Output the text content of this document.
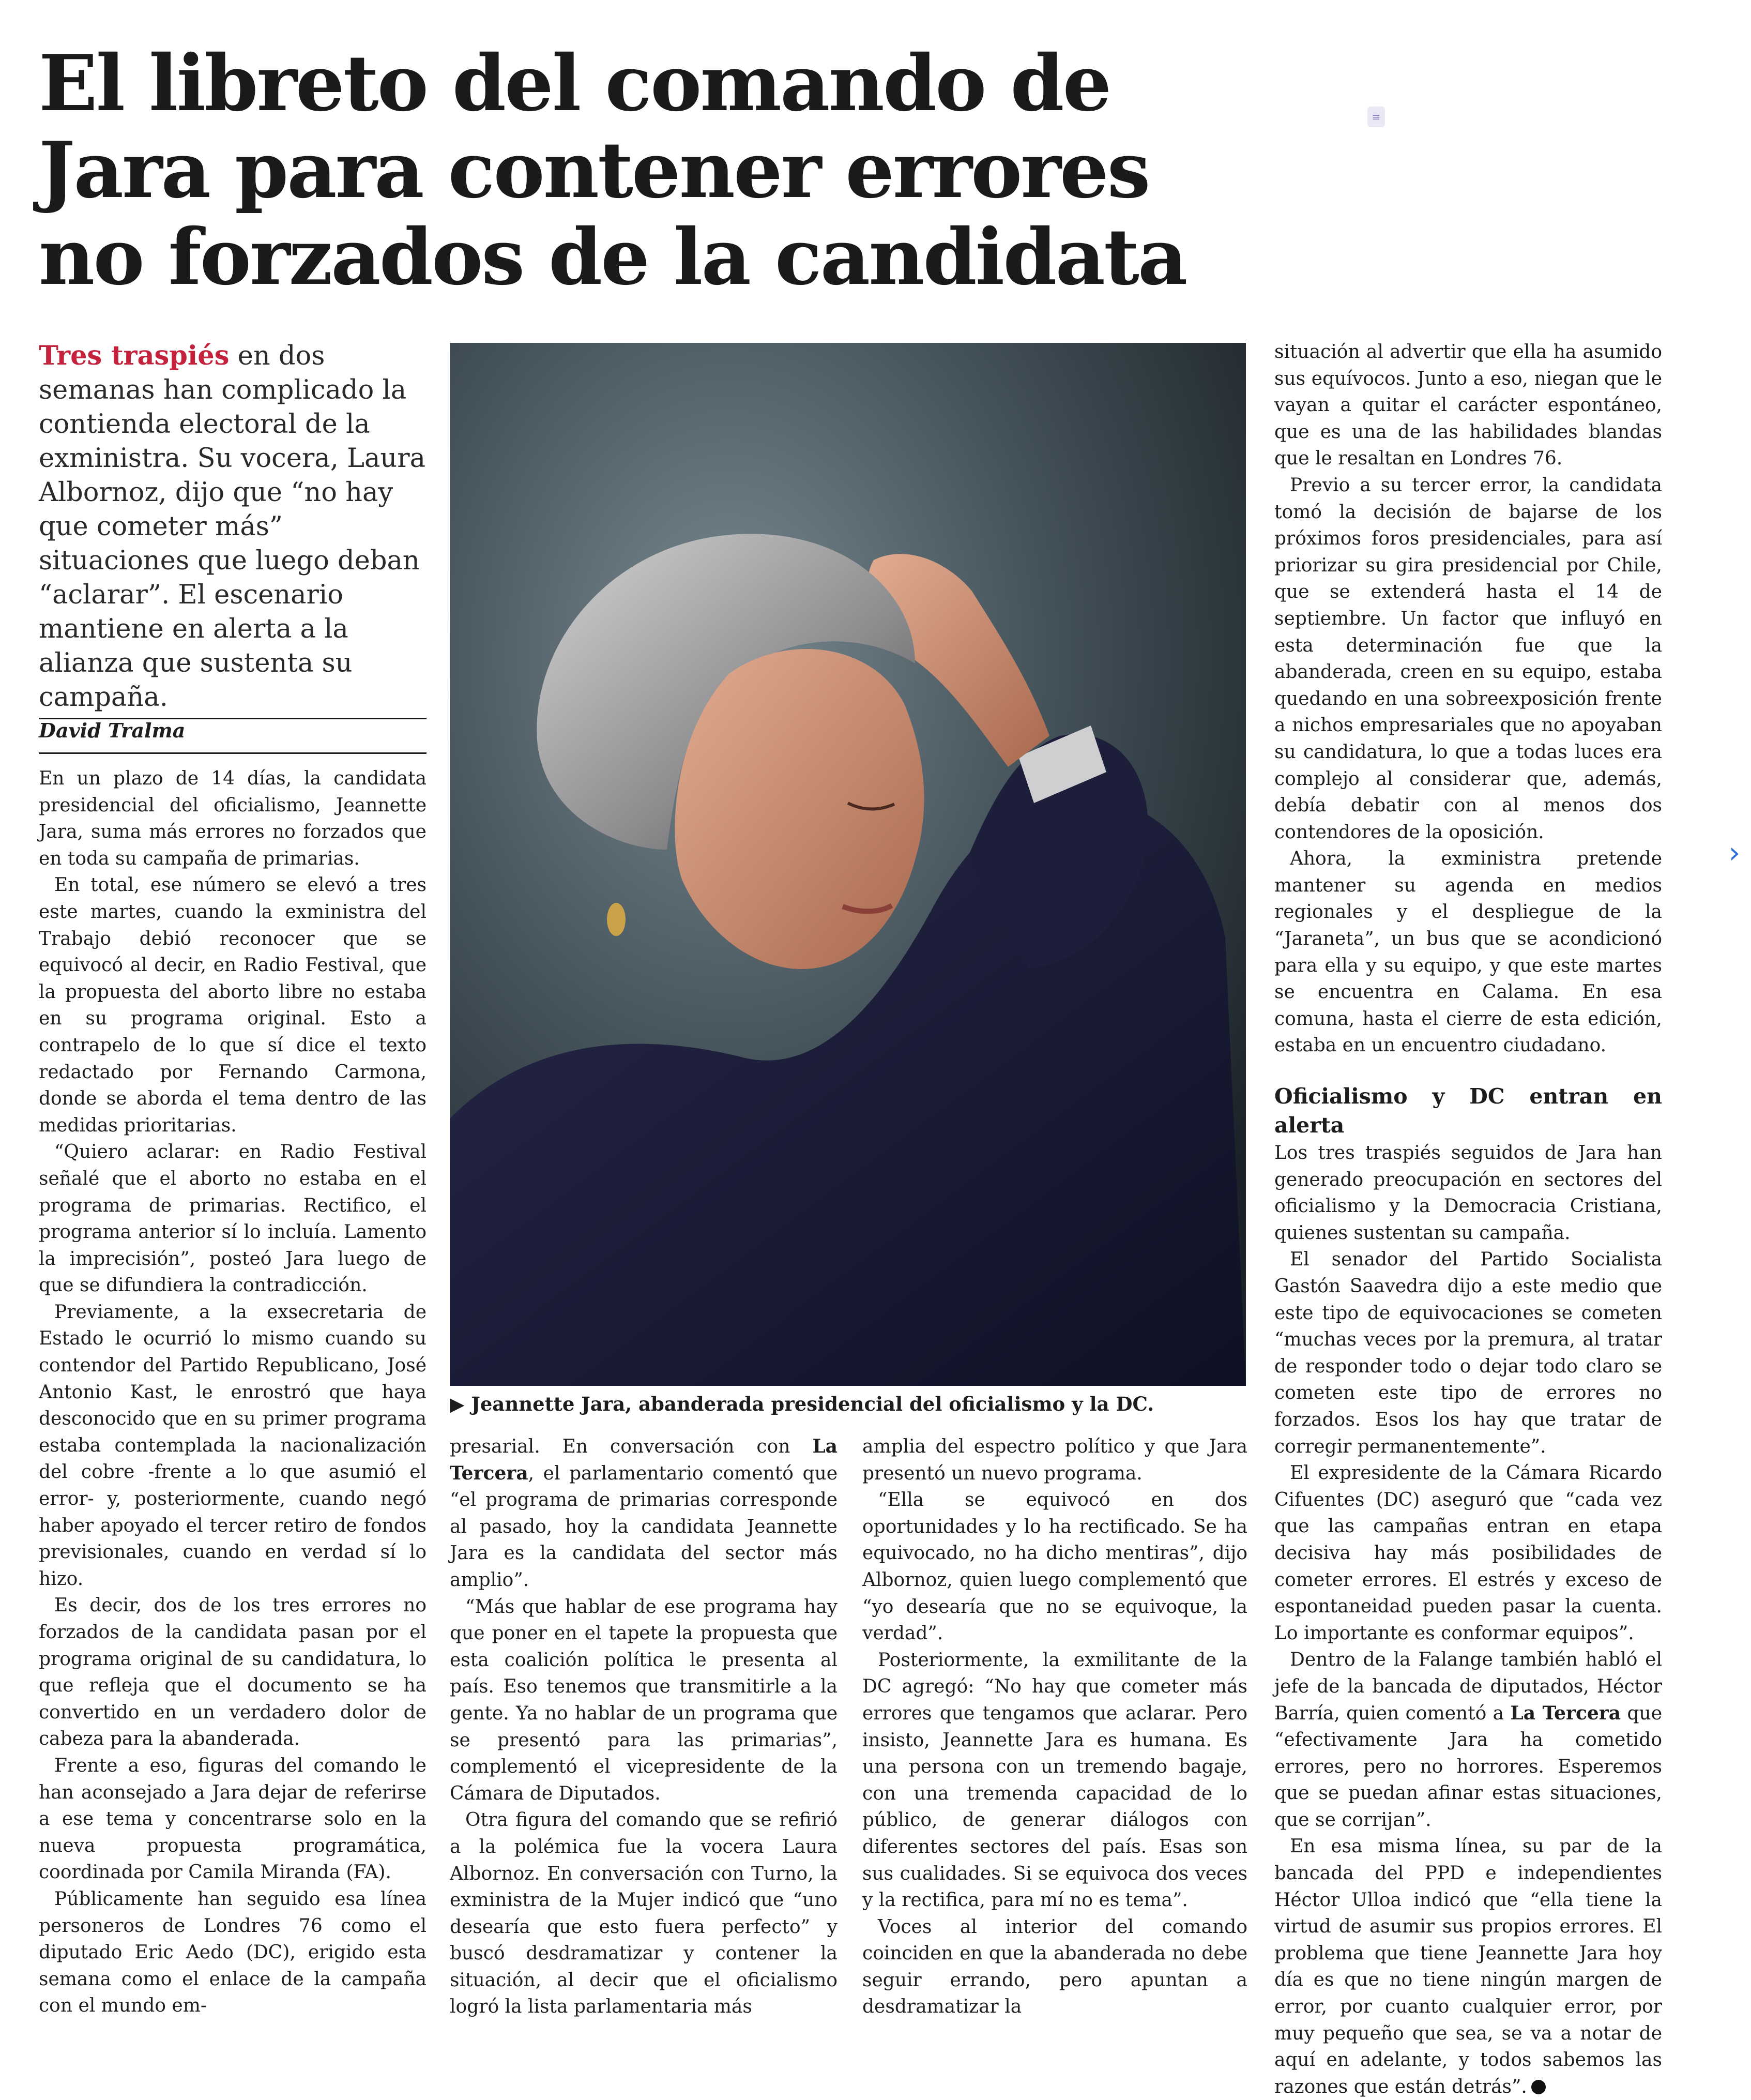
El libreto del comando de
Jara para contener errores
no forzados de la candidata
≡
›
Tres traspiés en dos semanas han complicado la contienda electoral de la exministra. Su vocera, Laura Albornoz, dijo que “no hay que cometer más” situaciones que luego deban “aclarar”. El escenario mantiene en alerta a la alianza que sustenta su campaña.
David Tralma

En un plazo de 14 días, la candidata presidencial del oficialismo, Jeannette Jara, suma más errores no forzados que en toda su campaña de primarias.

En total, ese número se elevó a tres este martes, cuando la exministra del Trabajo debió reconocer que se equivocó al decir, en Radio Festival, que la propuesta del aborto libre no estaba en su programa original. Esto a contrapelo de lo que sí dice el texto redactado por Fernando Carmona, donde se aborda el tema dentro de las medidas prioritarias.

“Quiero aclarar: en Radio Festival señalé que el aborto no estaba en el programa de primarias. Rectifico, el programa anterior sí lo incluía. Lamento la imprecisión”, posteó Jara luego de que se difundiera la contradicción.

Previamente, a la exsecretaria de Estado le ocurrió lo mismo cuando su contendor del Partido Republicano, José Antonio Kast, le enrostró que haya desconocido que en su primer programa estaba contemplada la nacionalización del cobre -frente a lo que asumió el error- y, posteriormente, cuando negó haber apoyado el tercer retiro de fondos previsionales, cuando en verdad sí lo hizo.

Es decir, dos de los tres errores no forzados de la candidata pasan por el programa original de su candidatura, lo que refleja que el documento se ha convertido en un verdadero dolor de cabeza para la abanderada.

Frente a eso, figuras del comando le han aconsejado a Jara dejar de referirse a ese tema y concentrarse solo en la nueva propuesta programática, coordinada por Camila Miranda (FA).

Públicamente han seguido esa línea personeros de Londres 76 como el diputado Eric Aedo (DC), erigido esta semana como el enlace de la campaña con el mundo em-

▶ Jeannette Jara, abanderada presidencial del oficialismo y la DC.

presarial. En conversación con La Tercera, el parlamentario comentó que “el programa de primarias corresponde al pasado, hoy la candidata Jeannette Jara es la candidata del sector más amplio”.

“Más que hablar de ese programa hay que poner en el tapete la propuesta que esta coalición política le presenta al país. Eso tenemos que transmitirle a la gente. Ya no hablar de un programa que se presentó para las primarias”, complementó el vicepresidente de la Cámara de Diputados.

Otra figura del comando que se refirió a la polémica fue la vocera Laura Albornoz. En conversación con Turno, la exministra de la Mujer indicó que “uno desearía que esto fuera perfecto” y buscó desdramatizar y contener la situación, al decir que el oficialismo logró la lista parlamentaria más

amplia del espectro político y que Jara presentó un nuevo programa.

“Ella se equivocó en dos oportunidades y lo ha rectificado. Se ha equivocado, no ha dicho mentiras”, dijo Albornoz, quien luego complementó que “yo desearía que no se equivoque, la verdad”.

Posteriormente, la exmilitante de la DC agregó: “No hay que cometer más errores que tengamos que aclarar. Pero insisto, Jeannette Jara es humana. Es una persona con un tremendo bagaje, con una tremenda capacidad de lo público, de generar diálogos con diferentes sectores del país. Esas son sus cualidades. Si se equivoca dos veces y la rectifica, para mí no es tema”.

Voces al interior del comando coinciden en que la abanderada no debe seguir errando, pero apuntan a desdramatizar la

situación al advertir que ella ha asumido sus equívocos. Junto a eso, niegan que le vayan a quitar el carácter espontáneo, que es una de las habilidades blandas que le resaltan en Londres 76.

Previo a su tercer error, la candidata tomó la decisión de bajarse de los próximos foros presidenciales, para así priorizar su gira presidencial por Chile, que se extenderá hasta el 14 de septiembre. Un factor que influyó en esta determinación fue que la abanderada, creen en su equipo, estaba quedando en una sobreexposición frente a nichos empresariales que no apoyaban su candidatura, lo que a todas luces era complejo al considerar que, además, debía debatir con al menos dos contendores de la oposición.

Ahora, la exministra pretende mantener su agenda en medios regionales y el despliegue de la “Jaraneta”, un bus que se acondicionó para ella y su equipo, y que este martes se encuentra en Calama. En esa comuna, hasta el cierre de esta edición, estaba en un encuentro ciudadano.

Oficialismo y DC entran en alerta

Los tres traspiés seguidos de Jara han generado preocupación en sectores del oficialismo y la Democracia Cristiana, quienes sustentan su campaña.

El senador del Partido Socialista Gastón Saavedra dijo a este medio que este tipo de equivocaciones se cometen “muchas veces por la premura, al tratar de responder todo o dejar todo claro se cometen este tipo de errores no forzados. Esos los hay que tratar de corregir permanentemente”.

El expresidente de la Cámara Ricardo Cifuentes (DC) aseguró que “cada vez que las campañas entran en etapa decisiva hay más posibilidades de cometer errores. El estrés y exceso de espontaneidad pueden pasar la cuenta. Lo importante es conformar equipos”.

Dentro de la Falange también habló el jefe de la bancada de diputados, Héctor Barría, quien comentó a La Tercera que “efectivamente Jara ha cometido errores, pero no horrores. Esperemos que se puedan afinar estas situaciones, que se corrijan”.

En esa misma línea, su par de la bancada del PPD e independientes Héctor Ulloa indicó que “ella tiene la virtud de asumir sus propios errores. El problema que tiene Jeannette Jara hoy día es que no tiene ningún margen de error, por cuanto cualquier error, por muy pequeño que sea, se va a notar de aquí en adelante, y todos sabemos las razones que están detrás”.
